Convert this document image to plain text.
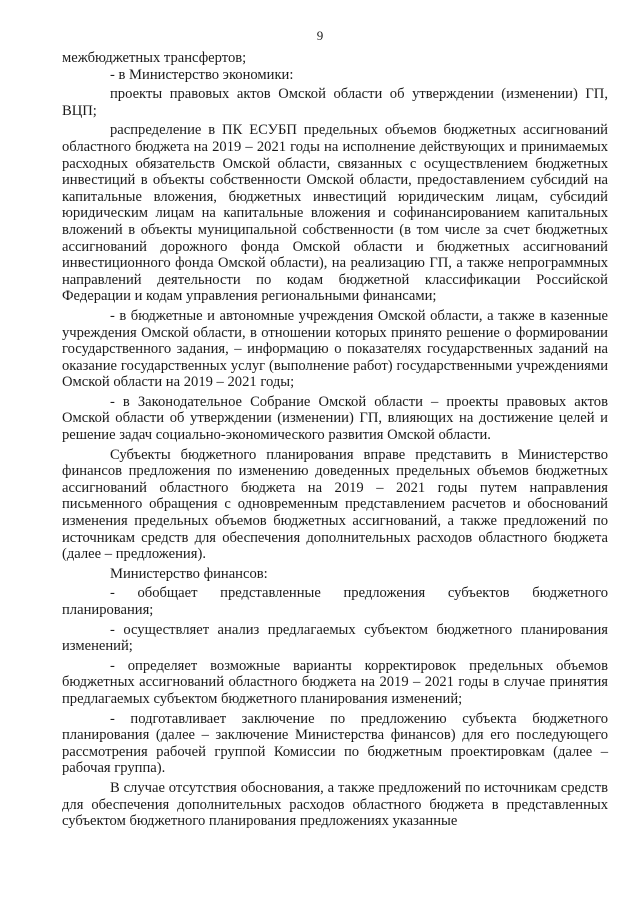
9

межбюджетных трансфертов;

- в Министерство экономики:

проекты правовых актов Омской области об утверждении (изменении) ГП, ВЦП;

распределение в ПК ЕСУБП предельных объемов бюджетных ассигнований областного бюджета на 2019 – 2021 годы на исполнение действующих и принимаемых расходных обязательств Омской области, связанных с осуществлением бюджетных инвестиций в объекты собственности Омской области, предоставлением субсидий на капитальные вложения, бюджетных инвестиций юридическим лицам, субсидий юридическим лицам на капитальные вложения и софинансированием капитальных вложений в объекты муниципальной собственности (в том числе за счет бюджетных ассигнований дорожного фонда Омской области и бюджетных ассигнований инвестиционного фонда Омской области), на реализацию ГП, а также непрограммных направлений деятельности по кодам бюджетной классификации Российской Федерации и кодам управления региональными финансами;

- в бюджетные и автономные учреждения Омской области, а также в казенные учреждения Омской области, в отношении которых принято решение о формировании государственного задания, – информацию о показателях государственных заданий на оказание государственных услуг (выполнение работ) государственными учреждениями Омской области на 2019 – 2021 годы;

- в Законодательное Собрание Омской области – проекты правовых актов Омской области об утверждении (изменении) ГП, влияющих на достижение целей и решение задач социально-экономического развития Омской области.

Субъекты бюджетного планирования вправе представить в Министерство финансов предложения по изменению доведенных предельных объемов бюджетных ассигнований областного бюджета на 2019 – 2021 годы путем направления письменного обращения с одновременным представлением расчетов и обоснований изменения предельных объемов бюджетных ассигнований, а также предложений по источникам средств для обеспечения дополнительных расходов областного бюджета (далее – предложения).

Министерство финансов:

- обобщает представленные предложения субъектов бюджетного планирования;

- осуществляет анализ предлагаемых субъектом бюджетного планирования изменений;

- определяет возможные варианты корректировок предельных объемов бюджетных ассигнований областного бюджета на 2019 – 2021 годы в случае принятия предлагаемых субъектом бюджетного планирования изменений;

- подготавливает заключение по предложению субъекта бюджетного планирования (далее – заключение Министерства финансов) для его последующего рассмотрения рабочей группой Комиссии по бюджетным проектировкам (далее – рабочая группа).

В случае отсутствия обоснования, а также предложений по источникам средств для обеспечения дополнительных расходов областного бюджета в представленных субъектом бюджетного планирования предложениях указанные
